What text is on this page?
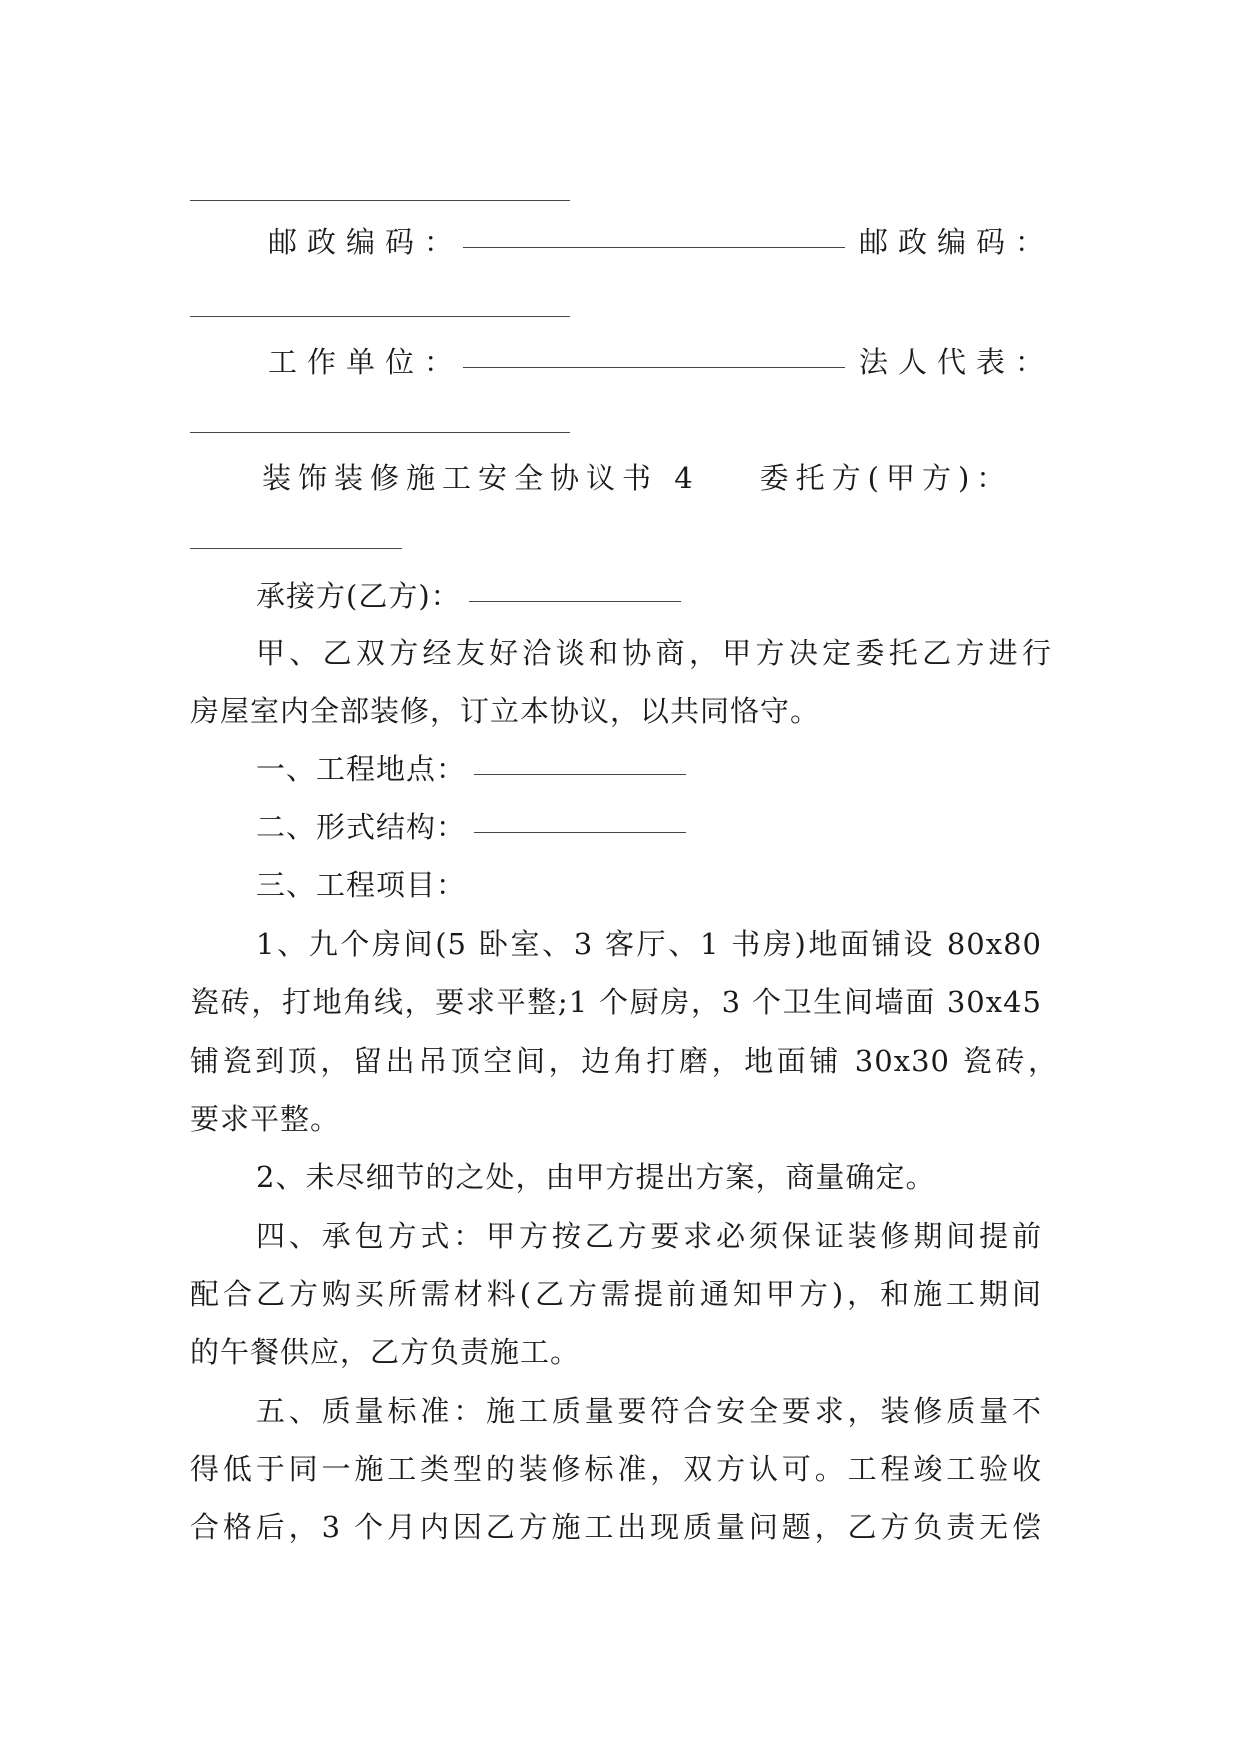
邮政编码：	邮政编码：
工作单位：	法人代表：
装饰装修施工安全协议书 4 委托方(甲方)：
承接方(乙方)：
甲、乙双方经友好洽谈和协商，甲方决定委托乙方进行
房屋室内全部装修，订立本协议，以共同恪守。
一、工程地点：
二、形式结构：
三、工程项目：
1、九个房间(5 卧室、3 客厅、1 书房)地面铺设 80x80
瓷砖，打地角线，要求平整;1 个厨房，3 个卫生间墙面 30x45
铺瓷到顶，留出吊顶空间，边角打磨，地面铺 30x30 瓷砖，
要求平整。
2、未尽细节的之处，由甲方提出方案，商量确定。
四、承包方式：甲方按乙方要求必须保证装修期间提前
配合乙方购买所需材料(乙方需提前通知甲方)，和施工期间
的午餐供应，乙方负责施工。
五、质量标准：施工质量要符合安全要求，装修质量不
得低于同一施工类型的装修标准，双方认可。工程竣工验收
合格后，3 个月内因乙方施工出现质量问题，乙方负责无偿
